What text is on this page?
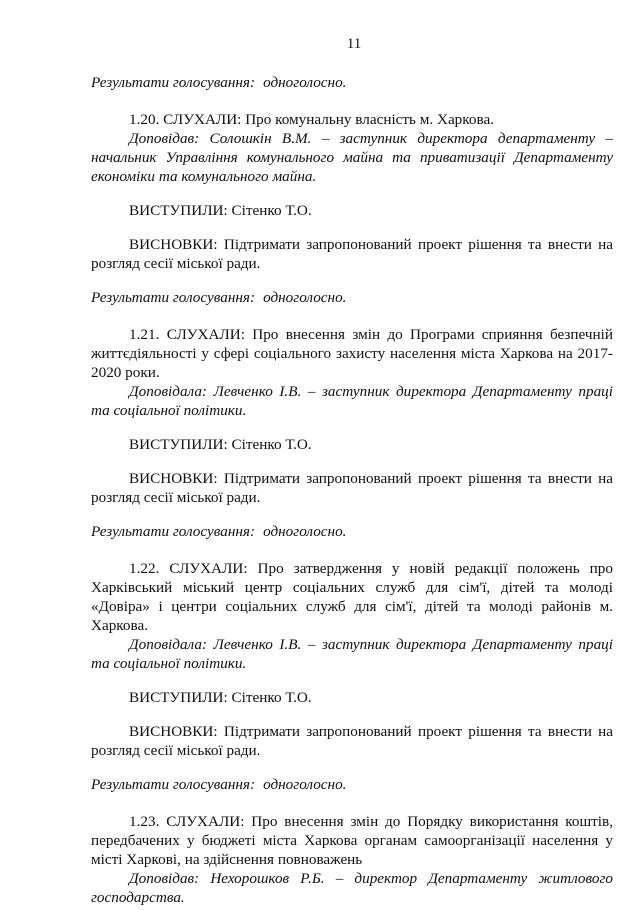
11

Результати голосування: одноголосно.

1.20. СЛУХАЛИ: Про комунальну власність м. Харкова.

Доповідав: Солошкін В.М. – заступник директора департаменту – начальник Управління комунального майна та приватизації Департаменту економіки та комунального майна.

ВИСТУПИЛИ: Сітенко Т.О.

ВИСНОВКИ: Підтримати запропонований проект рішення та внести на розгляд сесії міської ради.

Результати голосування: одноголосно.

1.21. СЛУХАЛИ: Про внесення змін до Програми сприяння безпечній життєдіяльності у сфері соціального захисту населення міста Харкова на 2017-2020 роки.

Доповідала: Левченко І.В. – заступник директора Департаменту праці та соціальної політики.

ВИСТУПИЛИ: Сітенко Т.О.

ВИСНОВКИ: Підтримати запропонований проект рішення та внести на розгляд сесії міської ради.

Результати голосування: одноголосно.

1.22. СЛУХАЛИ: Про затвердження у новій редакції положень про Харківський міський центр соціальних служб для сім'ї, дітей та молоді «Довіра» і центри соціальних служб для сім'ї, дітей та молоді районів м. Харкова.

Доповідала: Левченко І.В. – заступник директора Департаменту праці та соціальної політики.

ВИСТУПИЛИ: Сітенко Т.О.

ВИСНОВКИ: Підтримати запропонований проект рішення та внести на розгляд сесії міської ради.

Результати голосування: одноголосно.

1.23. СЛУХАЛИ: Про внесення змін до Порядку використання коштів, передбачених у бюджеті міста Харкова органам самоорганізації населення у місті Харкові, на здійснення повноважень

Доповідав: Нехорошков Р.Б. – директор Департаменту житлового господарства.
